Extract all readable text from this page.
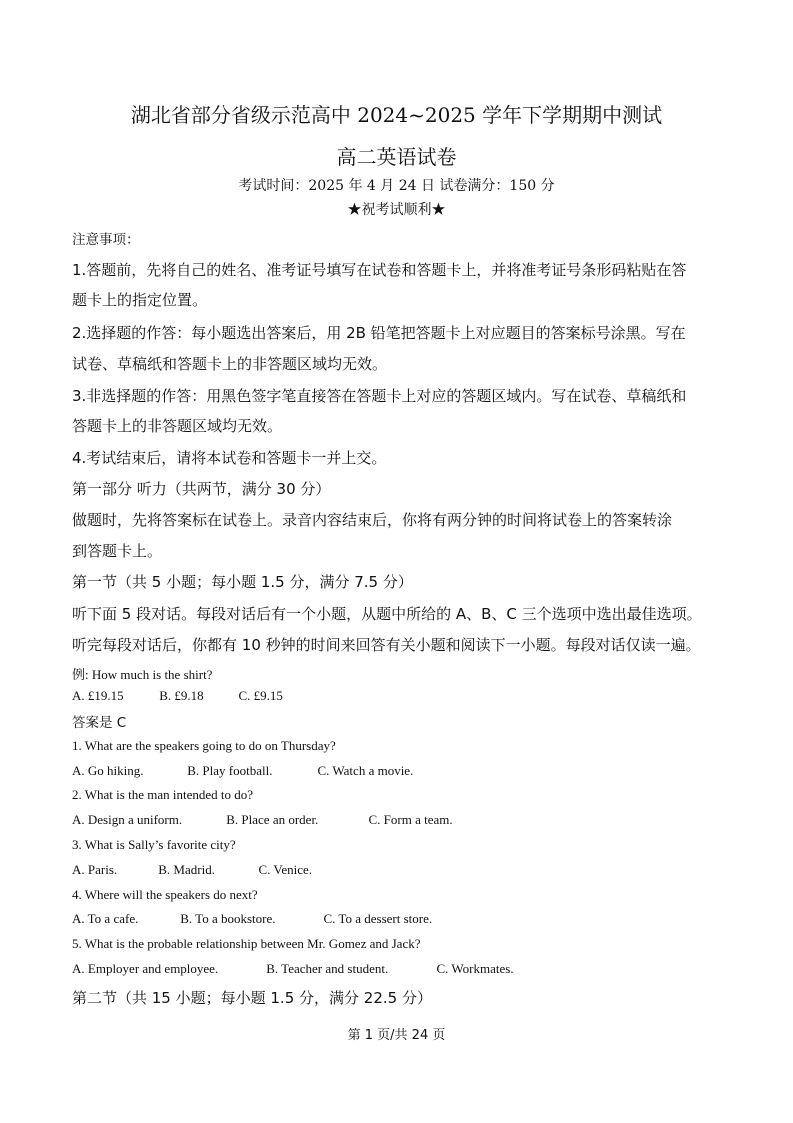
湖北省部分省级示范高中 2024~2025 学年下学期期中测试
高二英语试卷
考试时间：2025 年 4 月 24 日 试卷满分：150 分
★祝考试顺利★
注意事项：
1.答题前，先将自己的姓名、准考证号填写在试卷和答题卡上，并将准考证号条形码粘贴在答
题卡上的指定位置。
2.选择题的作答：每小题选出答案后，用 2B 铅笔把答题卡上对应题目的答案标号涂黑。写在
试卷、草稿纸和答题卡上的非答题区域均无效。
3.非选择题的作答：用黑色签字笔直接答在答题卡上对应的答题区域内。写在试卷、草稿纸和
答题卡上的非答题区域均无效。
4.考试结束后，请将本试卷和答题卡一并上交。
第一部分 听力（共两节，满分 30 分）
做题时，先将答案标在试卷上。录音内容结束后，你将有两分钟的时间将试卷上的答案转涂
到答题卡上。
第一节（共 5 小题；每小题 1.5 分，满分 7.5 分）
听下面 5 段对话。每段对话后有一个小题，从题中所给的 A、B、C 三个选项中选出最佳选项。
听完每段对话后，你都有 10 秒钟的时间来回答有关小题和阅读下一小题。每段对话仅读一遍。
例: How much is the shirt?
A. £19.15	B. £9.18	C. £9.15
答案是 C
1. What are the speakers going to do on Thursday?
A. Go hiking.	B. Play football.	C. Watch a movie.
2. What is the man intended to do?
A. Design a uniform.	B. Place an order.	C. Form a team.
3. What is Sally’s favorite city?
A. Paris.	B. Madrid.	C. Venice.
4. Where will the speakers do next?
A. To a cafe.	B. To a bookstore.	C. To a dessert store.
5. What is the probable relationship between Mr. Gomez and Jack?
A. Employer and employee.	B. Teacher and student.	C. Workmates.
第二节（共 15 小题；每小题 1.5 分，满分 22.5 分）
第 1 页/共 24 页
